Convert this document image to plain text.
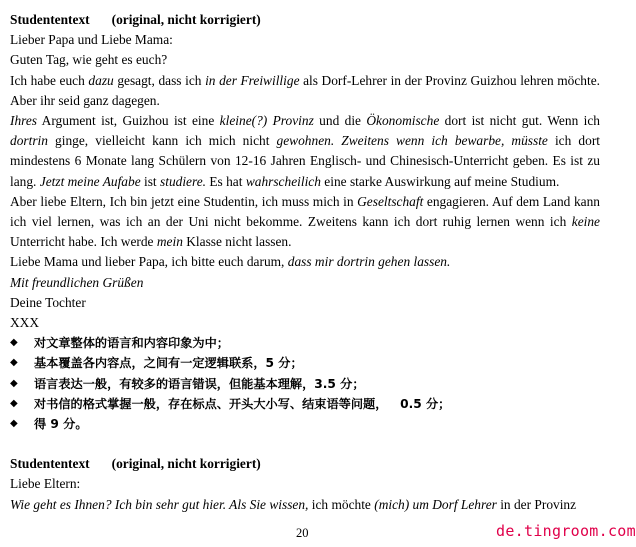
Studententext (original, nicht korrigiert)

Lieber Papa und Liebe Mama:

Guten Tag, wie geht es euch?

Ich habe euch dazu gesagt, dass ich in der Freiwillige als Dorf-Lehrer in der Provinz Guizhou lehren möchte. Aber ihr seid ganz dagegen.

Ihres Argument ist, Guizhou ist eine kleine(?) Provinz und die Ökonomische dort ist nicht gut. Wenn ich dortrin ginge, vielleicht kann ich mich nicht gewohnen. Zweitens wenn ich bewarbe, müsste ich dort mindestens 6 Monate lang Schülern von 12-16 Jahren Englisch- und Chinesisch-Unterricht geben. Es ist zu lang. Jetzt meine Aufabe ist studiere. Es hat wahrscheilich eine starke Auswirkung auf meine Studium.

Aber liebe Eltern, Ich bin jetzt eine Studentin, ich muss mich in Geseltschaft engagieren. Auf dem Land kann ich viel lernen, was ich an der Uni nicht bekomme. Zweitens kann ich dort ruhig lernen wenn ich keine Unterricht habe. Ich werde mein Klasse nicht lassen.

Liebe Mama und lieber Papa, ich bitte euch darum, dass mir dortrin gehen lassen.

Mit freundlichen Grüßen

Deine Tochter

XXX

◆	对文章整体的语言和内容印象为中；
◆	基本覆盖各内容点，之间有一定逻辑联系，5 分；
◆	语言表达一般，有较多的语言错误，但能基本理解，3.5 分；
◆	对书信的格式掌握一般，存在标点、开头大小写、结束语等问题，   0.5 分；
◆	得 9 分。

Studententext (original, nicht korrigiert)

Liebe Eltern:

Wie geht es Ihnen? Ich bin sehr gut hier. Als Sie wissen, ich möchte (mich) um Dorf Lehrer in der Provinz

20	de.tingroom.com
